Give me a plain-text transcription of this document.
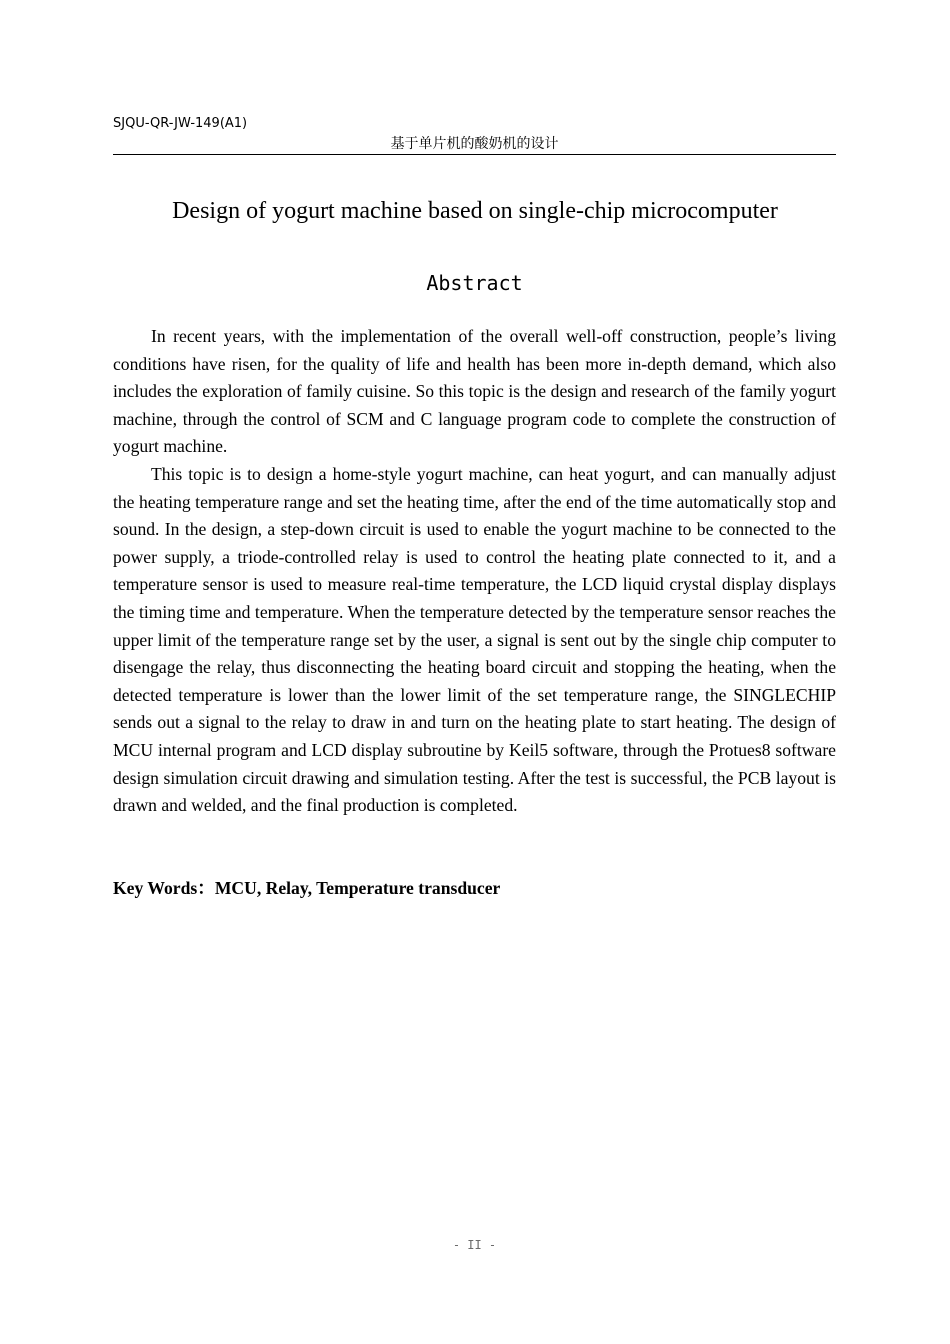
SJQU-QR-JW-149(A1)
基于单片机的酸奶机的设计
Design of yogurt machine based on single-chip microcomputer
Abstract

In recent years, with the implementation of the overall well-off construction, people’s living conditions have risen, for the quality of life and health has been more in-depth demand, which also includes the exploration of family cuisine. So this topic is the design and research of the family yogurt machine, through the control of SCM and C language program code to complete the construction of yogurt machine.

This topic is to design a home-style yogurt machine, can heat yogurt, and can manually adjust the heating temperature range and set the heating time, after the end of the time automatically stop and sound. In the design, a step-down circuit is used to enable the yogurt machine to be connected to the power supply, a triode-controlled relay is used to control the heating plate connected to it, and a temperature sensor is used to measure real-time temperature, the LCD liquid crystal display displays the timing time and temperature. When the temperature detected by the temperature sensor reaches the upper limit of the temperature range set by the user, a signal is sent out by the single chip computer to disengage the relay, thus disconnecting the heating board circuit and stopping the heating, when the detected temperature is lower than the lower limit of the set temperature range, the SINGLECHIP sends out a signal to the relay to draw in and turn on the heating plate to start heating. The design of MCU internal program and LCD display subroutine by Keil5 software, through the Protues8 software design simulation circuit drawing and simulation testing. After the test is successful, the PCB layout is drawn and welded, and the final production is completed.

Key Words：MCU, Relay, Temperature transducer
- II -
